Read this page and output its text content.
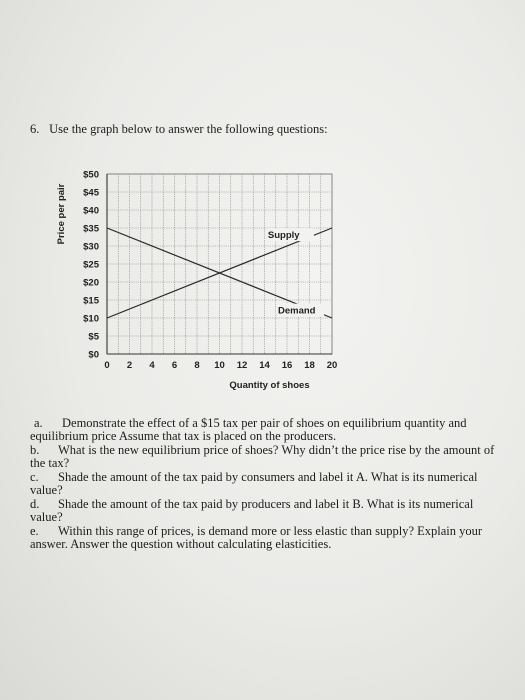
6. Use the graph below to answer the following questions:
$50
$45
$40
$35
$30
$25
$20
$15
$10
$5
$0
0 2 4 6 8 10 12 14 16 18 20
Price per pair
Quantity of shoes
Supply
Demand
a. Demonstrate the effect of a $15 tax per pair of shoes on equilibrium quantity and equilibrium price Assume that tax is placed on the producers.
b. What is the new equilibrium price of shoes? Why didn’t the price rise by the amount of the tax?
c. Shade the amount of the tax paid by consumers and label it A. What is its numerical value?
d. Shade the amount of the tax paid by producers and label it B. What is its numerical value?
e. Within this range of prices, is demand more or less elastic than supply? Explain your answer. Answer the question without calculating elasticities.
